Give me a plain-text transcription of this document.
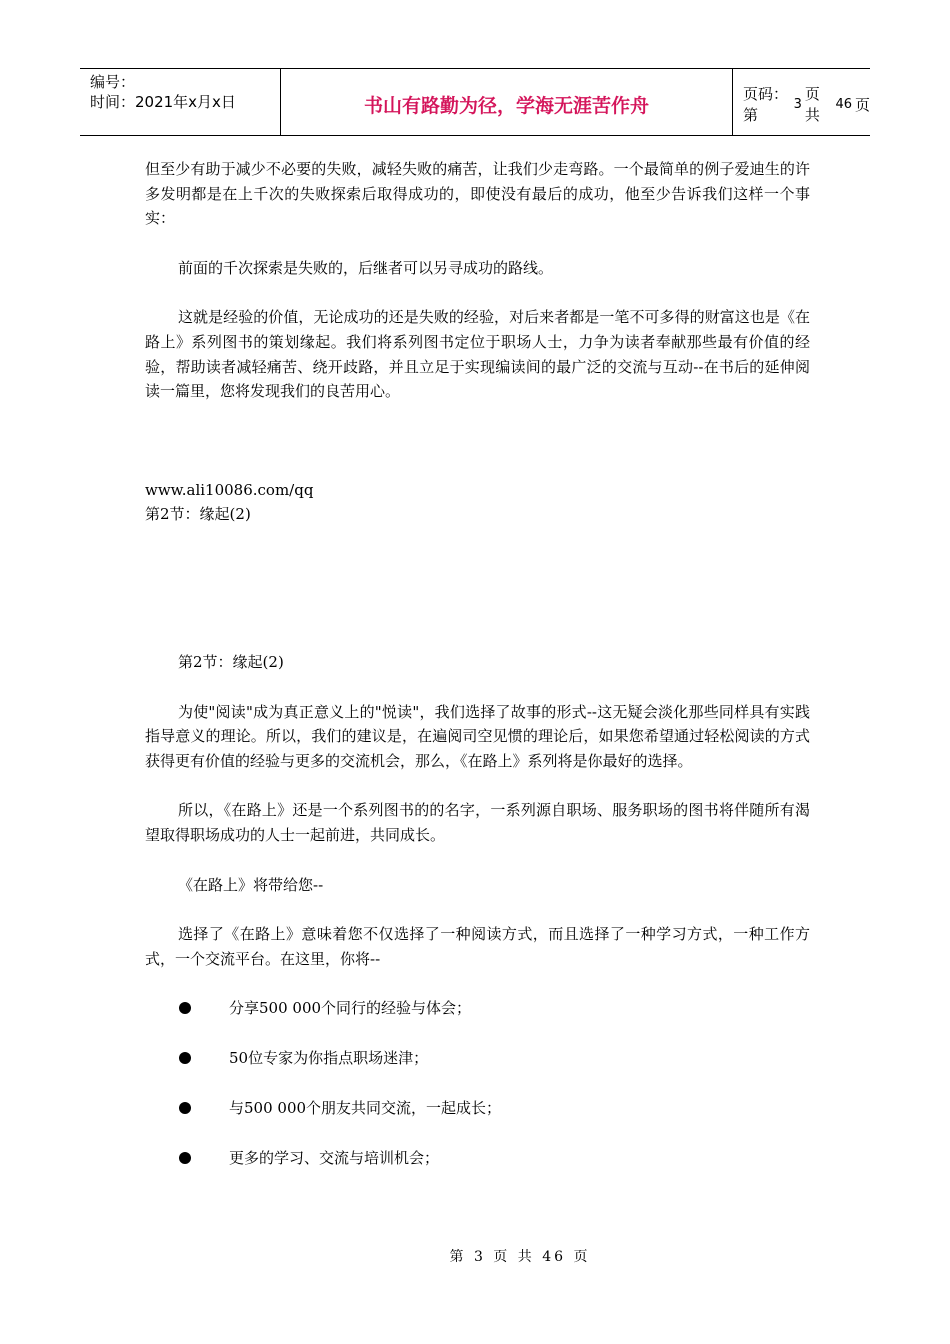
编号：
时间：2021年x月x日	书山有路勤为径，学海无涯苦作舟
页码：第
3
页 共
46 页

但至少有助于减少不必要的失败，减轻失败的痛苦，让我们少走弯路。一个最简单的例子爱迪生的许多发明都是在上千次的失败探索后取得成功的，即使没有最后的成功，他至少告诉我们这样一个事实：

前面的千次探索是失败的，后继者可以另寻成功的路线。

这就是经验的价值，无论成功的还是失败的经验，对后来者都是一笔不可多得的财富这也是《在路上》系列图书的策划缘起。我们将系列图书定位于职场人士，力争为读者奉献那些最有价值的经验，帮助读者减轻痛苦、绕开歧路，并且立足于实现编读间的最广泛的交流与互动--在书后的延伸阅读一篇里，您将发现我们的良苦用心。

www.ali10086.com/qq

第2节：缘起(2)

第2节：缘起(2)

为使"阅读"成为真正意义上的"悦读"，我们选择了故事的形式--这无疑会淡化那些同样具有实践指导意义的理论。所以，我们的建议是，在遍阅司空见惯的理论后，如果您希望通过轻松阅读的方式获得更有价值的经验与更多的交流机会，那么，《在路上》系列将是你最好的选择。

所以，《在路上》还是一个系列图书的的名字，一系列源自职场、服务职场的图书将伴随所有渴望取得职场成功的人士一起前进，共同成长。

《在路上》将带给您--

选择了《在路上》意味着您不仅选择了一种阅读方式，而且选择了一种学习方式，一种工作方式，一个交流平台。在这里，你将--

分享500 000个同行的经验与体会；
50位专家为你指点职场迷津；
与500 000个朋友共同交流，一起成长；
更多的学习、交流与培训机会；
第 3 页 共 46 页
